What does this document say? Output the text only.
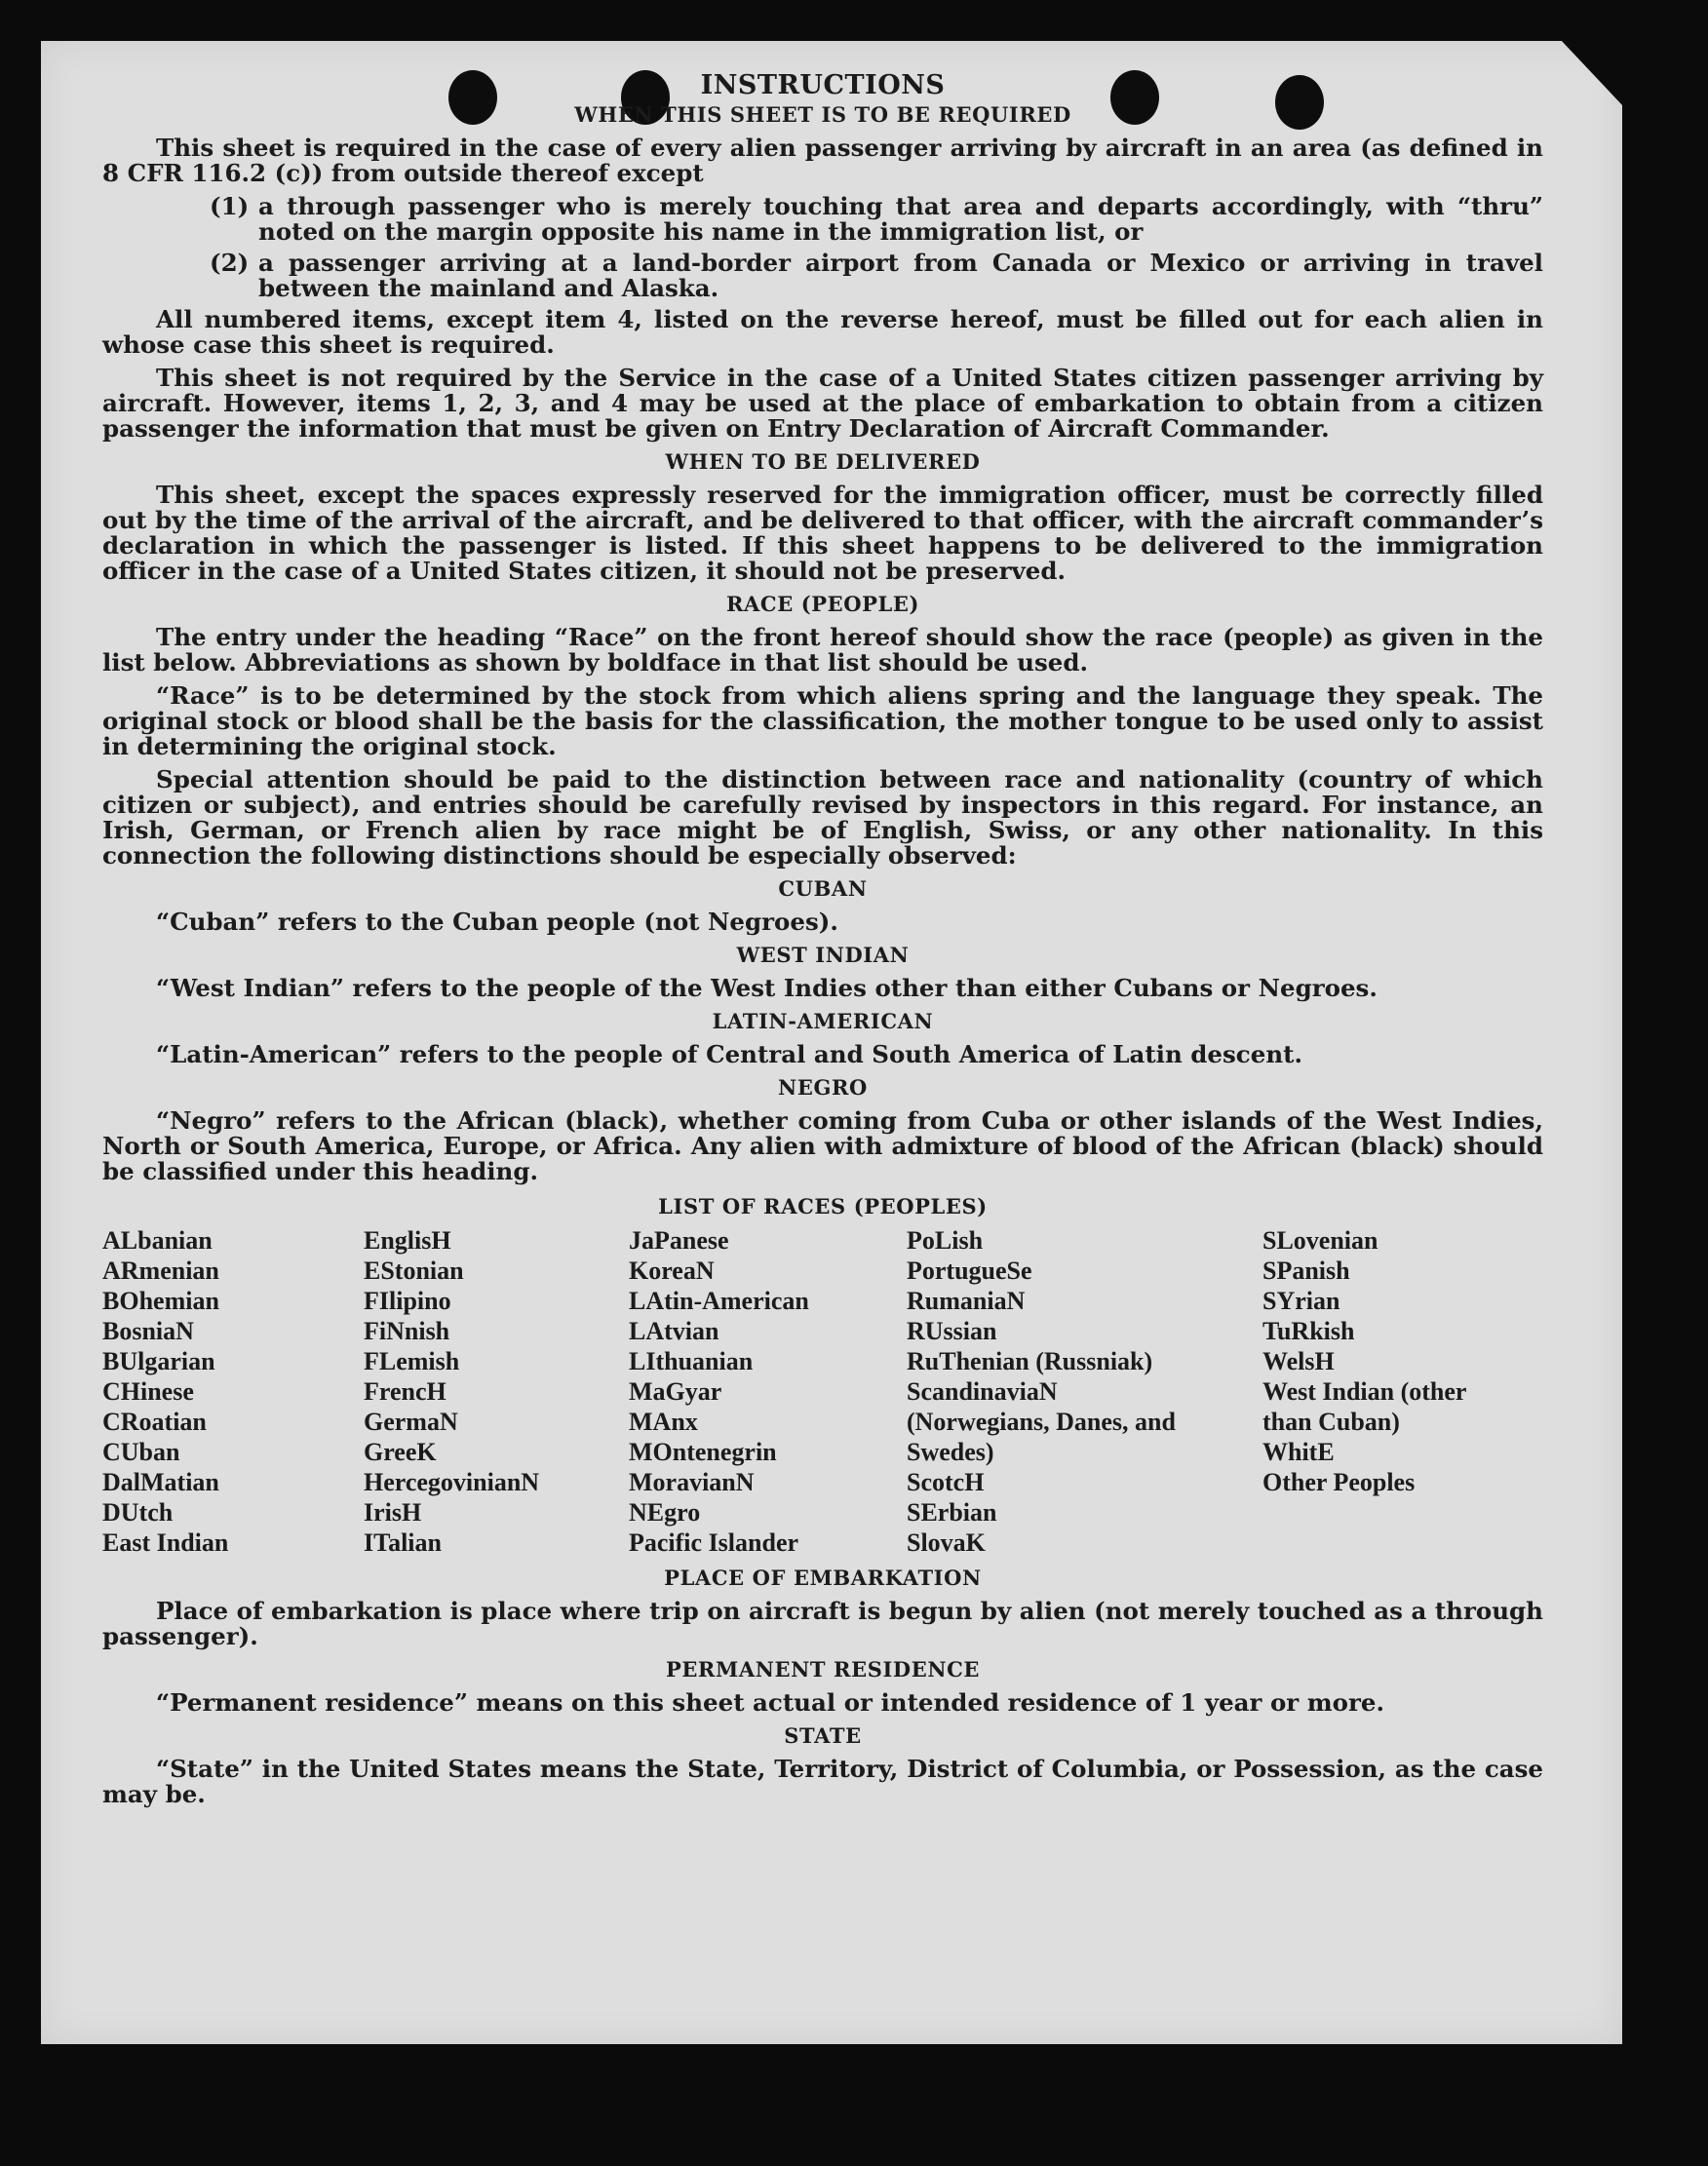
INSTRUCTIONS
WHEN THIS SHEET IS TO BE REQUIRED

This sheet is required in the case of every alien passenger arriving by aircraft in an area (as defined in 8 CFR 116.2 (c)) from outside thereof except

(1) a through passenger who is merely touching that area and departs accordingly, with “thru” noted on the margin opposite his name in the immigration list, or
(2) a passenger arriving at a land-border airport from Canada or Mexico or arriving in travel between the mainland and Alaska.

All numbered items, except item 4, listed on the reverse hereof, must be filled out for each alien in whose case this sheet is required.

This sheet is not required by the Service in the case of a United States citizen passenger arriving by aircraft. However, items 1, 2, 3, and 4 may be used at the place of embarkation to obtain from a citizen passenger the information that must be given on Entry Declaration of Aircraft Commander.

WHEN TO BE DELIVERED

This sheet, except the spaces expressly reserved for the immigration officer, must be correctly filled out by the time of the arrival of the aircraft, and be delivered to that officer, with the aircraft commander’s declaration in which the passenger is listed. If this sheet happens to be delivered to the immigration officer in the case of a United States citizen, it should not be preserved.

RACE (PEOPLE)

The entry under the heading “Race” on the front hereof should show the race (people) as given in the list below. Abbreviations as shown by boldface in that list should be used.

“Race” is to be determined by the stock from which aliens spring and the language they speak. The original stock or blood shall be the basis for the classification, the mother tongue to be used only to assist in determining the original stock.

Special attention should be paid to the distinction between race and nationality (country of which citizen or subject), and entries should be carefully revised by inspectors in this regard. For instance, an Irish, German, or French alien by race might be of English, Swiss, or any other nationality. In this connection the following distinctions should be especially observed:

CUBAN

“Cuban” refers to the Cuban people (not Negroes).

WEST INDIAN

“West Indian” refers to the people of the West Indies other than either Cubans or Negroes.

LATIN-AMERICAN

“Latin-American” refers to the people of Central and South America of Latin descent.

NEGRO

“Negro” refers to the African (black), whether coming from Cuba or other islands of the West Indies, North or South America, Europe, or Africa. Any alien with admixture of blood of the African (black) should be classified under this heading.

LIST OF RACES (PEOPLES)
ALbanian
ARmenian
BOhemian
BosniaN
BUlgarian
CHinese
CRoatian
CUban
DalMatian
DUtch
East Indian
EnglisH
EStonian
FIlipino
FiNnish
FLemish
FrencH
GermaN
GreeK
HercegovinianN
IrisH
ITalian
JaPanese
KoreaN
LAtin-American
LAtvian
LIthuanian
MaGyar
MAnx
MOntenegrin
MoravianN
NEgro
Pacific Islander
PoLish
PortugueSe
RumaniaN
RUssian
RuThenian (Russniak)
ScandinaviaN (Norwegians, Danes, and Swedes)
ScotcH
SErbian
SlovaK
SLovenian
SPanish
SYrian
TuRkish
WelsH
West Indian (other than Cuban)
WhitE
Other Peoples
PLACE OF EMBARKATION

Place of embarkation is place where trip on aircraft is begun by alien (not merely touched as a through passenger).

PERMANENT RESIDENCE

“Permanent residence” means on this sheet actual or intended residence of 1 year or more.

STATE

“State” in the United States means the State, Territory, District of Columbia, or Possession, as the case may be.
